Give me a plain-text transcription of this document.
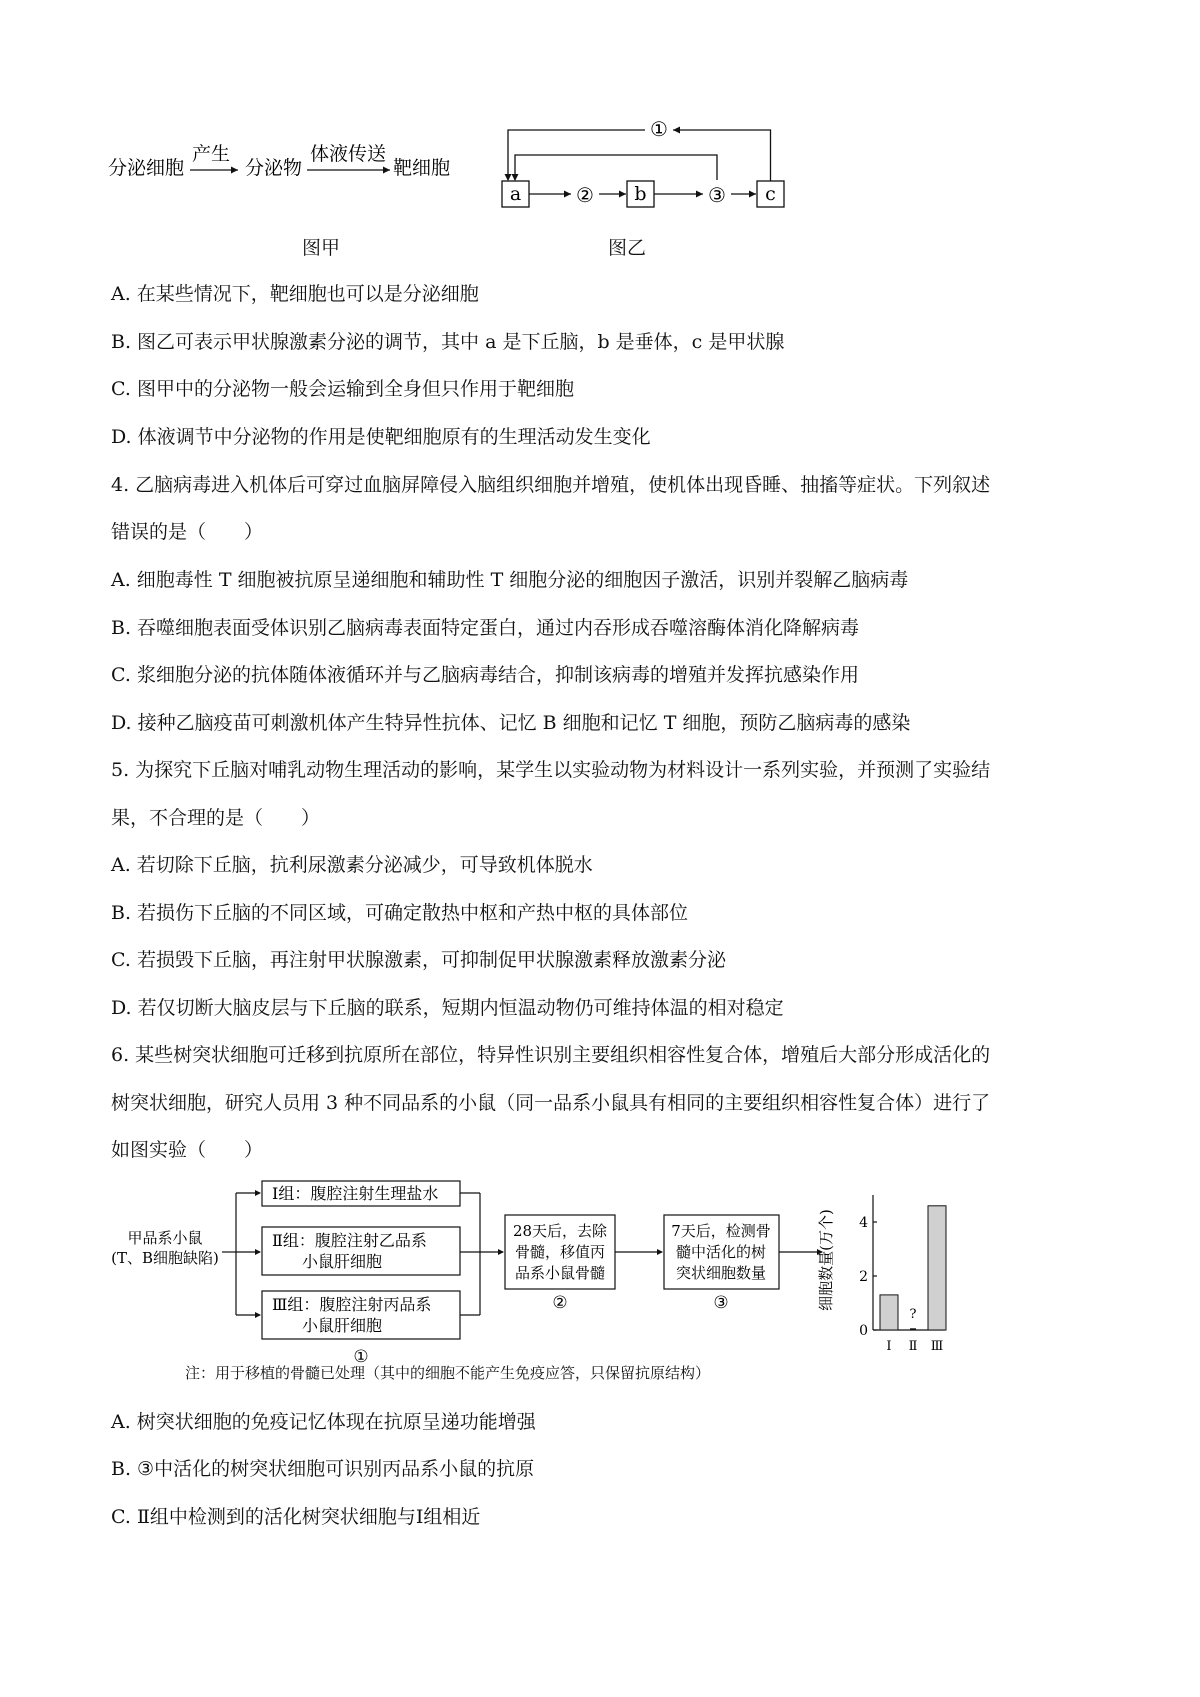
分泌细胞
产生
分泌物
体液传送
靶细胞
图甲
a	b	c
②	③
①
图乙
A. 在某些情况下，靶细胞也可以是分泌细胞
B. 图乙可表示甲状腺激素分泌的调节，其中 a 是下丘脑，b 是垂体，c 是甲状腺
C. 图甲中的分泌物一般会运输到全身但只作用于靶细胞
D. 体液调节中分泌物的作用是使靶细胞原有的生理活动发生变化
4. 乙脑病毒进入机体后可穿过血脑屏障侵入脑组织细胞并增殖，使机体出现昏睡、抽搐等症状。下列叙述
错误的是（　　）
A. 细胞毒性 T 细胞被抗原呈递细胞和辅助性 T 细胞分泌的细胞因子激活，识别并裂解乙脑病毒
B. 吞噬细胞表面受体识别乙脑病毒表面特定蛋白，通过内吞形成吞噬溶酶体消化降解病毒
C. 浆细胞分泌的抗体随体液循环并与乙脑病毒结合，抑制该病毒的增殖并发挥抗感染作用
D. 接种乙脑疫苗可刺激机体产生特异性抗体、记忆 B 细胞和记忆 T 细胞，预防乙脑病毒的感染
5. 为探究下丘脑对哺乳动物生理活动的影响，某学生以实验动物为材料设计一系列实验，并预测了实验结
果，不合理的是（　　）
A. 若切除下丘脑，抗利尿激素分泌减少，可导致机体脱水
B. 若损伤下丘脑的不同区域，可确定散热中枢和产热中枢的具体部位
C. 若损毁下丘脑，再注射甲状腺激素，可抑制促甲状腺激素释放激素分泌
D. 若仅切断大脑皮层与下丘脑的联系，短期内恒温动物仍可维持体温的相对稳定
6. 某些树突状细胞可迁移到抗原所在部位，特异性识别主要组织相容性复合体，增殖后大部分形成活化的
树突状细胞，研究人员用 3 种不同品系的小鼠（同一品系小鼠具有相同的主要组织相容性复合体）进行了
如图实验（　　）
甲品系小鼠
(T、B细胞缺陷)
Ⅰ组：腹腔注射生理盐水
Ⅱ组：腹腔注射乙品系
小鼠肝细胞
Ⅲ组：腹腔注射丙品系
小鼠肝细胞
①
28天后，去除
骨髓，移值丙
品系小鼠骨髓
②
7天后，检测骨
髓中活化的树
突状细胞数量
③	细胞数量(万个)
0
2
4
?
Ⅰ Ⅱ Ⅲ
注：用于移植的骨髓已处理（其中的细胞不能产生免疫应答，只保留抗原结构）
A. 树突状细胞的免疫记忆体现在抗原呈递功能增强
B. ③中活化的树突状细胞可识别丙品系小鼠的抗原
C. Ⅱ组中检测到的活化树突状细胞与Ⅰ组相近
